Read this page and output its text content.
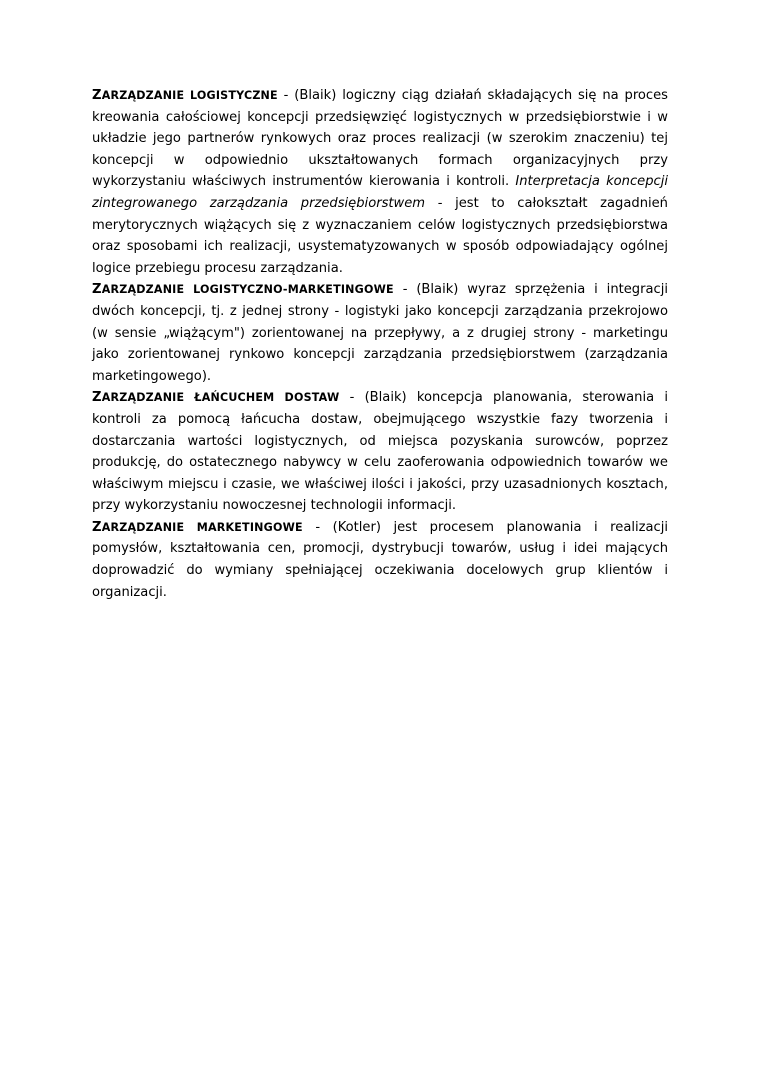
ZARZĄDZANIE LOGISTYCZNE - (Blaik) logiczny ciąg działań składających się na proces kreowania całościowej koncepcji przedsięwzięć logistycznych w przedsiębiorstwie i w układzie jego partnerów rynkowych oraz proces realizacji (w szerokim znaczeniu) tej koncepcji w odpowiednio ukształtowanych formach organizacyjnych przy wykorzystaniu właściwych instrumentów kierowania i kontroli. Interpretacja koncepcji zintegrowanego zarządzania przedsiębiorstwem - jest to całokształt zagadnień merytorycznych wiążących się z wyznaczaniem celów logistycznych przedsiębiorstwa oraz sposobami ich realizacji, usystematyzowanych w sposób odpowiadający ogólnej logice przebiegu procesu zarządzania.

ZARZĄDZANIE LOGISTYCZNO-MARKETINGOWE - (Blaik) wyraz sprzężenia i integracji dwóch koncepcji, tj. z jednej strony - logistyki jako koncepcji zarządzania przekrojowo (w sensie „wiążącym") zorientowanej na przepływy, a z drugiej strony - marketingu jako zorientowanej rynkowo koncepcji zarządzania przedsiębiorstwem (zarządzania marketingowego).

ZARZĄDZANIE ŁAŃCUCHEM DOSTAW - (Blaik) koncepcja planowania, sterowania i kontroli za pomocą łańcucha dostaw, obejmującego wszystkie fazy tworzenia i dostarczania wartości logistycznych, od miejsca pozyskania surowców, poprzez produkcję, do ostatecznego nabywcy w celu zaoferowania odpowiednich towarów we właściwym miejscu i czasie, we właściwej ilości i jakości, przy uzasadnionych kosztach, przy wykorzystaniu nowoczesnej technologii informacji.

ZARZĄDZANIE MARKETINGOWE - (Kotler) jest procesem planowania i realizacji pomysłów, kształtowania cen, promocji, dystrybucji towarów, usług i idei mających doprowadzić do wymiany spełniającej oczekiwania docelowych grup klientów i organizacji.
